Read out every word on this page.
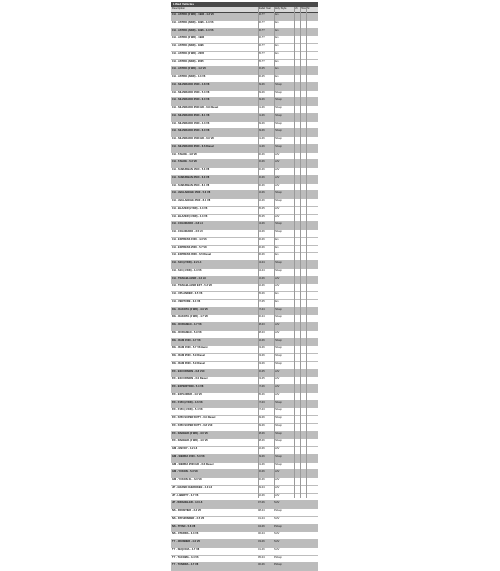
Lifted Vehicles
Description	Model Year	Body Style	Lift Price Pic
CH - ASTRO (2 WD) - 1996 - 4.3 V6	96-??	Van
CH - ASTRO (AWD) - 1996 - 4.3 V6	96-??	Van
CH - ASTRO (AWD) - 1996 - 4.3 V6	96-??	Van
CH - ASTRO (2 WD) - 1996	96-??	Van
CH - ASTRO (AWD) - 1996	96-??	Van
CH - ASTRO (2 WD) - 2005	05-??	Van
CH - ASTRO (AWD) - 2005	05-??	Van
CH - ASTRO (2 WD) - 4.3 V6	96-05	Van
CH - ASTRO (AWD) - 4.3 V6	96-05	Van
CH - SILVERADO 1500 - 4.8 V8	99-06	Pickup
CH - SILVERADO 1500 - 5.3 V8	99-06	Pickup
CH - SILVERADO 2500 - 6.0 V8	99-06	Pickup
CH - SILVERADO 2500 HD - 6.6 Diesel	01-06	Pickup
CH - SILVERADO 3500 - 8.1 V8	01-06	Pickup
CH - SILVERADO 1500 - 4.3 V6	99-06	Pickup
CH - SILVERADO 2500 - 6.0 V8	99-06	Pickup
CH - SILVERADO 1500 HD - 6.0 V8	01-06	Pickup
CH - SILVERADO 3500 - 6.6 Diesel	01-06	Pickup
CH - TAHOE - 4.8 V8	00-06	SUV
CH - TAHOE - 5.3 V8	00-06	SUV
CH - SUBURBAN 1500 - 5.3 V8	00-06	SUV
CH - SUBURBAN 2500 - 6.0 V8	00-06	SUV
CH - SUBURBAN 2500 - 8.1 V8	00-06	SUV
CH - AVALANCHE 1500 - 5.3 V8	02-06	Pickup
CH - AVALANCHE 2500 - 8.1 V8	02-06	Pickup
CH - BLAZER (2 WD) - 4.3 V6	95-05	SUV
CH - BLAZER (4 WD) - 4.3 V6	95-05	SUV
CH - COLORADO - 2.8 L4	04-06	Pickup
CH - COLORADO - 3.5 L5	04-06	Pickup
CH - EXPRESS 1500 - 4.3 V6	96-06	Van
CH - EXPRESS 2500 - 5.7 V8	96-06	Van
CH - EXPRESS 3500 - 6.5 Diesel	96-06	Van
CH - S10 (2 WD) - 2.2 L4	94-04	Pickup
CH - S10 (4 WD) - 4.3 V6	94-04	Pickup
CH - TRAILBLAZER - 4.2 L6	02-06	SUV
CH - TRAILBLAZER EXT - 5.3 V8	02-06	SUV
CH - UPLANDER - 3.5 V6	05-06	Van
CH - VENTURE - 3.4 V6	97-05	Van
DG - DAKOTA (2 WD) - 3.9 V6	97-04	Pickup
DG - DAKOTA (4 WD) - 4.7 V8	00-04	Pickup
DG - DURANGO - 4.7 V8	98-03	SUV
DG - DURANGO - 5.9 V8	98-03	SUV
DG - RAM 1500 - 4.7 V8	02-06	Pickup
DG - RAM 1500 - 5.7 V8 Hemi	03-06	Pickup
DG - RAM 2500 - 5.9 Diesel	03-06	Pickup
DG - RAM 3500 - 5.9 Diesel	03-06	Pickup
FD - EXCURSION - 6.8 V10	00-05	SUV
FD - EXCURSION - 6.0 Diesel	03-05	SUV
FD - EXPEDITION - 5.4 V8	97-06	SUV
FD - EXPLORER - 4.0 V6	95-06	SUV
FD - F150 (2 WD) - 4.6 V8	97-03	Pickup
FD - F150 (4 WD) - 5.4 V8	97-03	Pickup
FD - F250 SUPER DUTY - 6.0 Diesel	99-06	Pickup
FD - F350 SUPER DUTY - 6.8 V10	99-06	Pickup
FD - RANGER (2 WD) - 3.0 V6	98-06	Pickup
FD - RANGER (4 WD) - 4.0 V6	98-06	Pickup
GM - ENVOY - 4.2 L6	02-06	SUV
GM - SIERRA 1500 - 5.3 V8	99-06	Pickup
GM - SIERRA 2500 HD - 6.6 Diesel	01-06	Pickup
GM - YUKON - 5.3 V8	00-06	SUV
GM - YUKON XL - 6.0 V8	00-06	SUV
JP - GRAND CHEROKEE - 4.0 L6	99-04	SUV
JP - LIBERTY - 3.7 V6	02-06	SUV
JP - WRANGLER - 4.0 L6	97-06	SUV
NS - FRONTIER - 3.3 V6	98-04	Pickup
NS - PATHFINDER - 3.5 V6	01-04	SUV
NS - TITAN - 5.6 V8	04-06	Pickup
NS - XTERRA - 3.3 V6	00-04	SUV
TY - 4RUNNER - 4.0 V6	03-06	SUV
TY - SEQUOIA - 4.7 V8	01-06	SUV
TY - TACOMA - 3.4 V6	95-04	Pickup
TY - TUNDRA - 4.7 V8	00-06	Pickup
